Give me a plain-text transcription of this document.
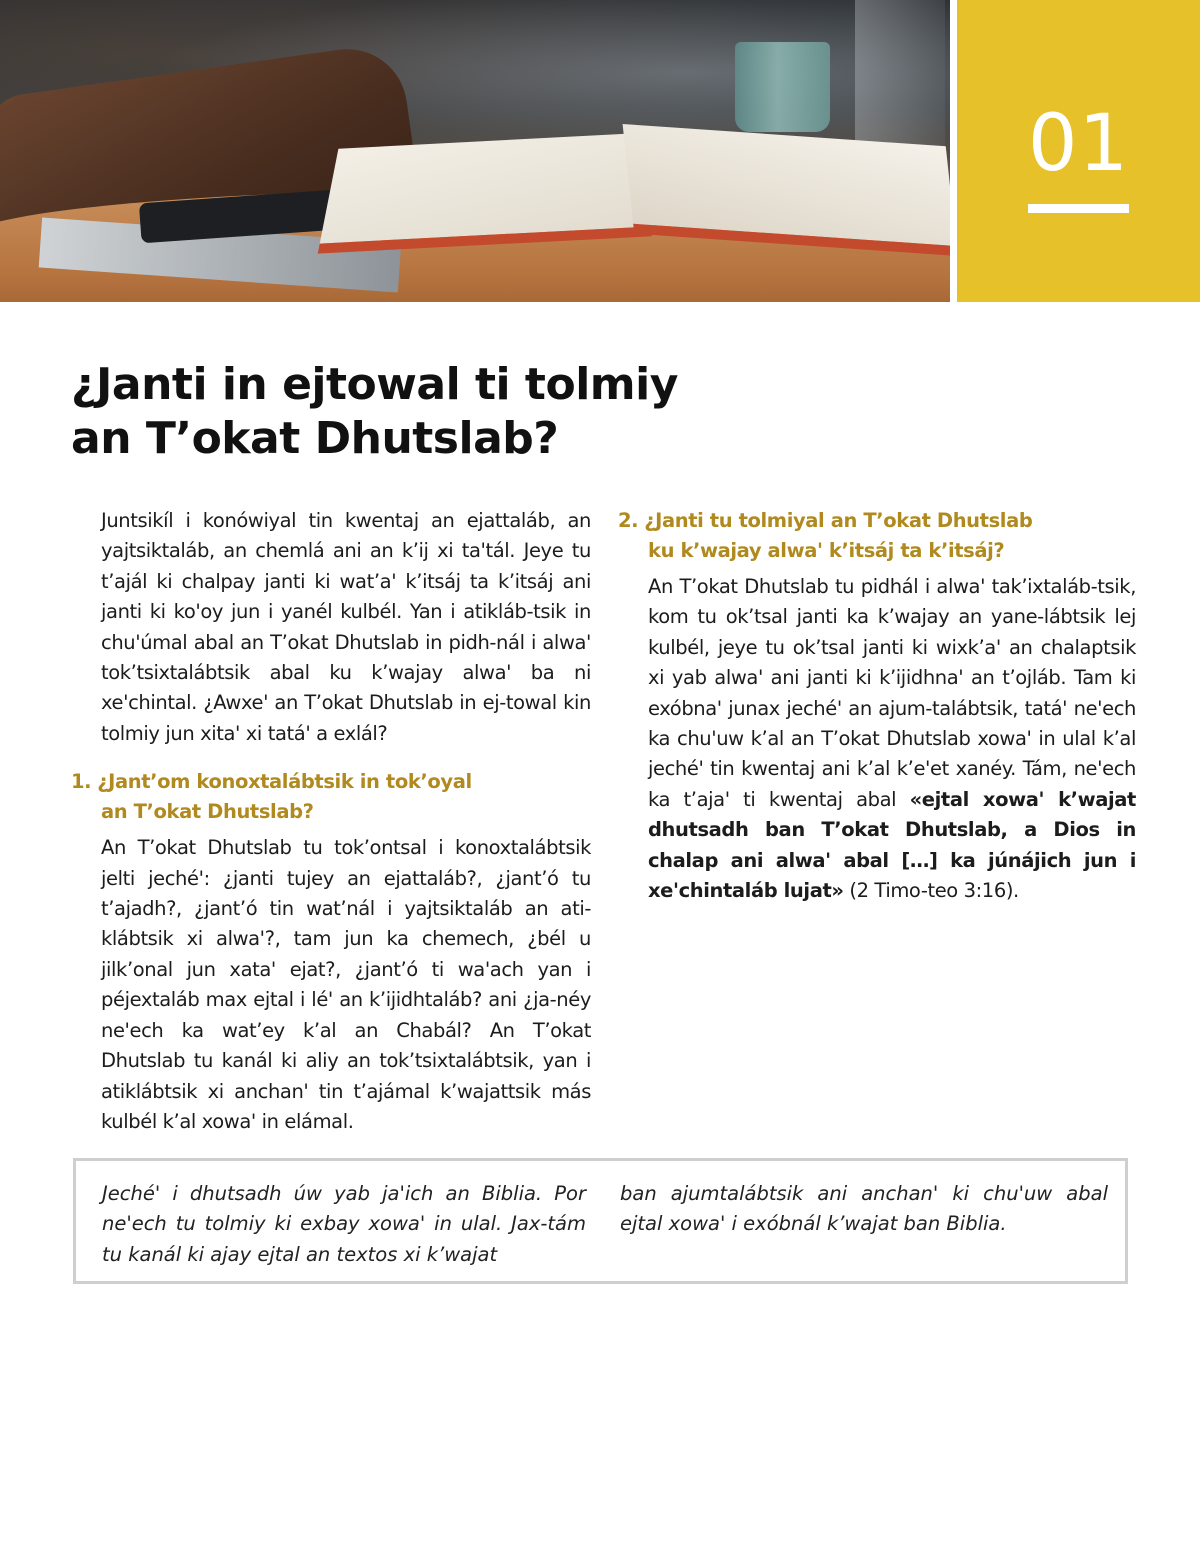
01
¿Janti in ejtowal ti tolmiy
an T’okat Dhutslab?

Juntsikíl i konówiyal tin kwentaj an ejattaláb, an yajtsiktaláb, an chemlá ani an k’ij xi ta'tál. Jeye tu t’ajál ki chalpay janti ki wat’a' k’itsáj ta k’itsáj ani janti ki ko'oy jun i yanél kulbél. Yan i atikláb-tsik in chu'úmal abal an T’okat Dhutslab in pidh-nál i alwa' tok’tsixtalábtsik abal ku k’wajay alwa' ba ni xe'chintal. ¿Awxe' an T’okat Dhutslab in ej-towal kin tolmiy jun xita' xi tatá' a exlál?

1. ¿Jant’om konoxtalábtsik in tok’oyal
an T’okat Dhutslab?

An T’okat Dhutslab tu tok’ontsal i konoxtalábtsik jelti jeché': ¿janti tujey an ejattaláb?, ¿jant’ó tu t’ajadh?, ¿jant’ó tin wat’nál i yajtsiktaláb an ati-klábtsik xi alwa'?, tam jun ka chemech, ¿bél u jilk’onal jun xata' ejat?, ¿jant’ó ti wa'ach yan i péjextaláb max ejtal i lé' an k’ijidhtaláb? ani ¿ja-néy ne'ech ka wat’ey k’al an Chabál? An T’okat Dhutslab tu kanál ki aliy an tok’tsixtalábtsik, yan i atiklábtsik xi anchan' tin t’ajámal k’wajattsik más kulbél k’al xowa' in elámal.

2. ¿Janti tu tolmiyal an T’okat Dhutslab
ku k’wajay alwa' k’itsáj ta k’itsáj?

An T’okat Dhutslab tu pidhál i alwa' tak’ixtaláb-tsik, kom tu ok’tsal janti ka k’wajay an yane-lábtsik lej kulbél, jeye tu ok’tsal janti ki wixk’a' an chalaptsik xi yab alwa' ani janti ki k’ijidhna' an t’ojláb. Tam ki exóbna' junax jeché' an ajum-talábtsik, tatá' ne'ech ka chu'uw k’al an T’okat Dhutslab xowa' in ulal k’al jeché' tin kwentaj ani k’al k’e'et xanéy. Tám, ne'ech ka t’aja' ti kwentaj abal «ejtal xowa' k’wajat dhutsadh ban T’okat Dhutslab, a Dios in chalap ani alwa' abal […] ka júnájich jun i xe'chintaláb lujat» (2 Timo-teo 3:16).

Jeché' i dhutsadh úw yab ja'ich an Biblia. Por ne'ech tu tolmiy ki exbay xowa' in ulal. Jax-tám tu kanál ki ajay ejtal an textos xi k’wajat
ban ajumtalábtsik ani anchan' ki chu'uw abal ejtal xowa' i exóbnál k’wajat ban Biblia.
